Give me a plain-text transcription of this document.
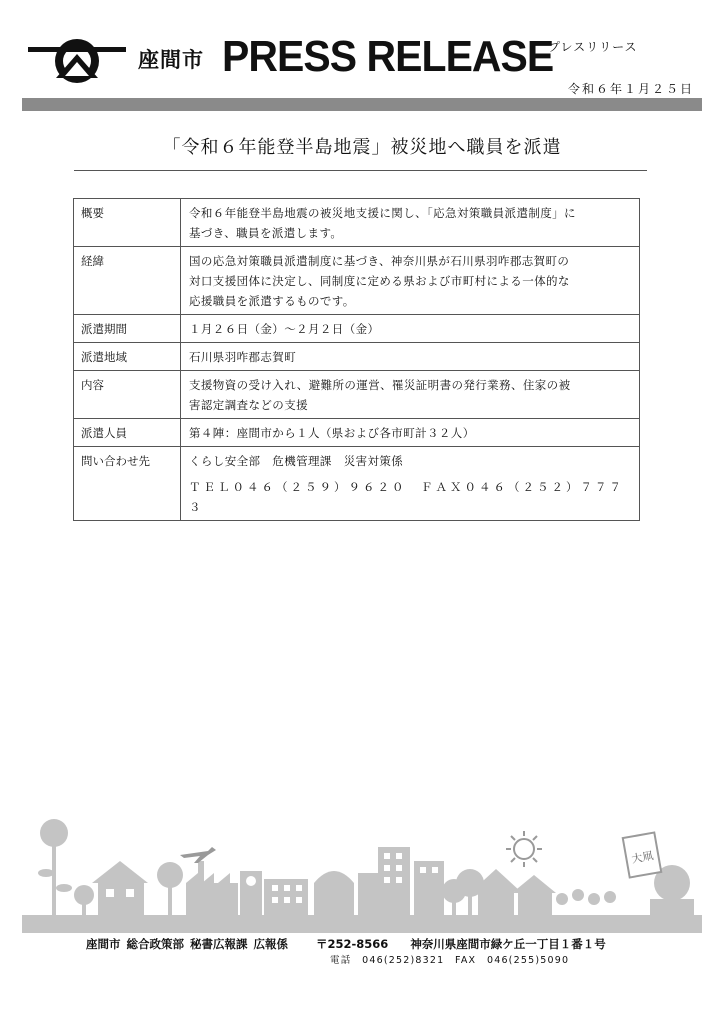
座間市 PRESS RELEASE
プレスリリース
令和６年１月２５日
「令和６年能登半島地震」被災地へ職員を派遣
概要	令和６年能登半島地震の被災地支援に関し、「応急対策職員派遣制度」に
基づき、職員を派遣します。

経緯	国の応急対策職員派遣制度に基づき、神奈川県が石川県羽咋郡志賀町の
対口支援団体に決定し、同制度に定める県および市町村による一体的な
応援職員を派遣するものです。

派遣期間	１月２６日（金）～２月２日（金）

派遣地域	石川県羽咋郡志賀町

内容	支援物資の受け入れ、避難所の運営、罹災証明書の発行業務、住家の被
害認定調査などの支援

派遣人員	第４陣：座間市から１人（県および各市町計３２人）

問い合わせ先	くらし安全部　危機管理課　災害対策係
ＴＥＬ０４６（２５９）９６２０　ＦＡＸ０４６（２５２）７７７３
大凧
座間市 総合政策部 秘書広報課 広報係 〒252-8566 神奈川県座間市緑ケ丘一丁目１番１号
電話　046(252)8321　FAX　046(255)5090
